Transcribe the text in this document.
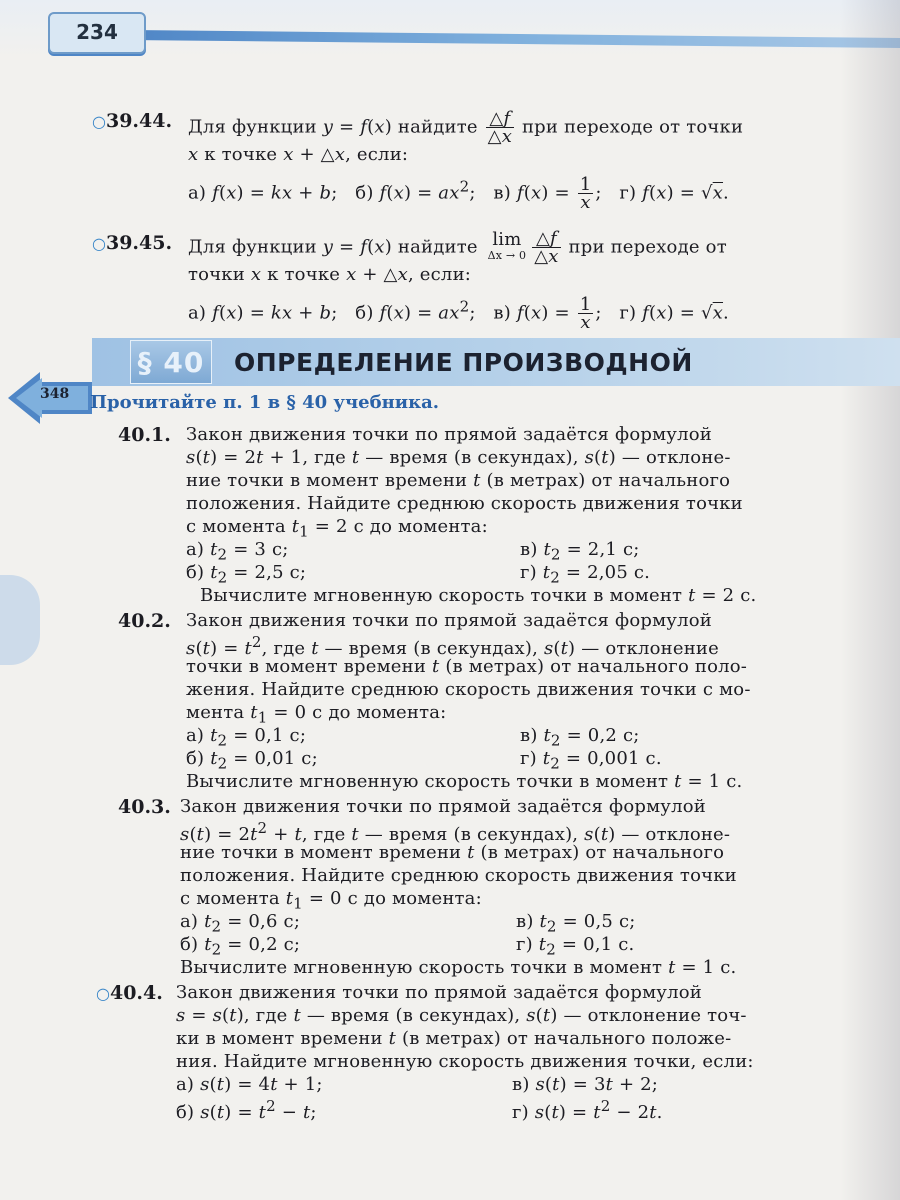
234
○39.44. Для функции y = f(x) найдите $\frac{\triangle f}{\triangle x}$ при переходе от точки
x к точке x + △x, если:
а) f(x) = kx + b;   б) $f(x) = ax^2$;   в) $f(x) = \frac{1}{x}$ ;   г) f(x) = √x.
○39.45. Для функции y = f(x) найдите lim
$\Delta x \to 0 \frac{\triangle f}{\triangle x}$ при переходе от
точки x к точке x + △x, если:
а) f(x) = kx + b;   б) $f(x) = ax^2$;   в) $f(x) = \frac{1}{x}$ ;   г) f(x) = √x.
§ 40 ОПРЕДЕЛЕНИЕ ПРОИЗВОДНОЙ
348 Прочитайте п. 1 в § 40 учебника.
40.1. Закон движения точки по прямой задаётся формулой
s(t) = 2t + 1, где t — время (в секундах), s(t) — отклоне-
ние точки в момент времени t (в метрах) от начального
положения. Найдите среднюю скорость движения точки
с момента $t_1 = 2$ с до момента:
а) $t_2 = 3$ с;	в) $t_2 = 2,1$ с;
б) $t_2 = 2,5$ с;	г) $t_2 = 2,05$ с.
Вычислите мгновенную скорость точки в момент t = 2 с.
40.2. Закон движения точки по прямой задаётся формулой
$s(t) = t^2$, где t — время (в секундах), s(t) — отклонение
точки в момент времени t (в метрах) от начального поло-
жения. Найдите среднюю скорость движения точки с мо-
мента $t_1 = 0$ с до момента:
а) $t_2 = 0,1$ с;	в) $t_2 = 0,2$ с;
б) $t_2 = 0,01$ с;	г) $t_2 = 0,001$ с.
Вычислите мгновенную скорость точки в момент t = 1 с.
40.3. Закон движения точки по прямой задаётся формулой
$s(t) = 2t^2 + t$, где t — время (в секундах), s(t) — отклоне-
ние точки в момент времени t (в метрах) от начального
положения. Найдите среднюю скорость движения точки
с момента $t_1 = 0$ с до момента:
а) $t_2 = 0,6$ с;	в) $t_2 = 0,5$ с;
б) $t_2 = 0,2$ с;	г) $t_2 = 0,1$ с.
Вычислите мгновенную скорость точки в момент t = 1 с.
○40.4. Закон движения точки по прямой задаётся формулой
s = s(t), где t — время (в секундах), s(t) — отклонение точ-
ки в момент времени t (в метрах) от начального положе-
ния. Найдите мгновенную скорость движения точки, если:
а) s(t) = 4t + 1;	в) s(t) = 3t + 2;
б) $s(t) = t^2 - t$;	г) $s(t) = t^2 - 2t$.
